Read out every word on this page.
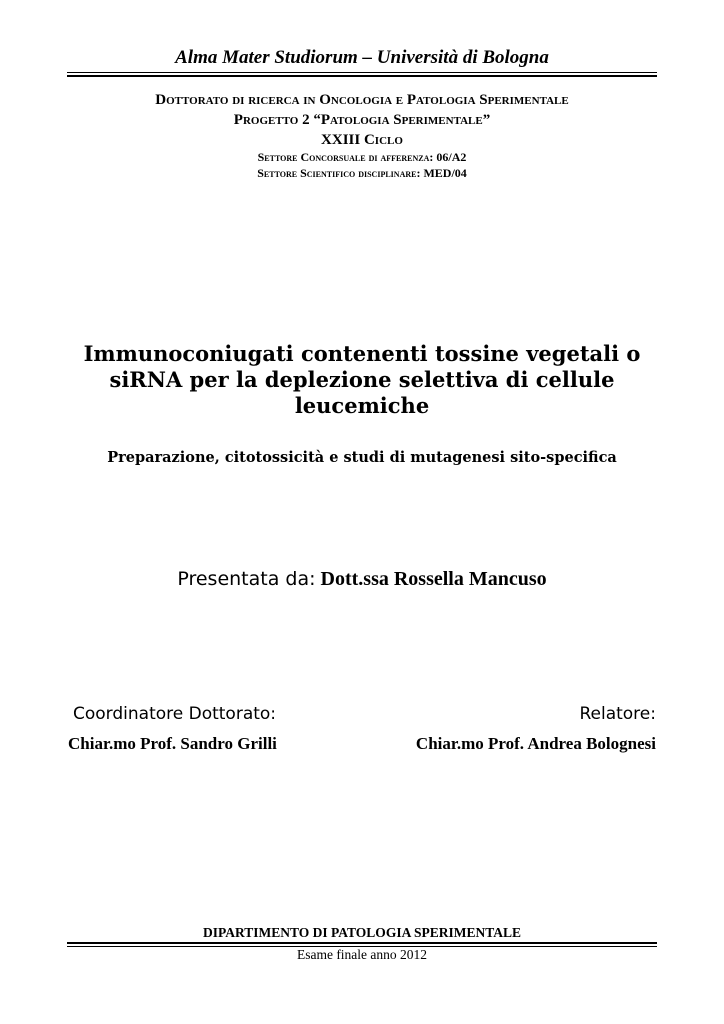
Alma Mater Studiorum – Università di Bologna
Dottorato di ricerca in Oncologia e Patologia Sperimentale
Progetto 2 “Patologia Sperimentale”
XXIII Ciclo
Settore Concorsuale di afferenza: 06/A2
Settore Scientifico disciplinare: MED/04
Immunoconiugati contenenti tossine vegetali o siRNA per la deplezione selettiva di cellule leucemiche
Preparazione, citotossicità e studi di mutagenesi sito-specifica
Presentata da: Dott.ssa Rossella Mancuso
Coordinatore Dottorato:
Chiar.mo Prof. Sandro Grilli
Relatore:
Chiar.mo Prof. Andrea Bolognesi
DIPARTIMENTO DI PATOLOGIA SPERIMENTALE
Esame finale anno 2012
